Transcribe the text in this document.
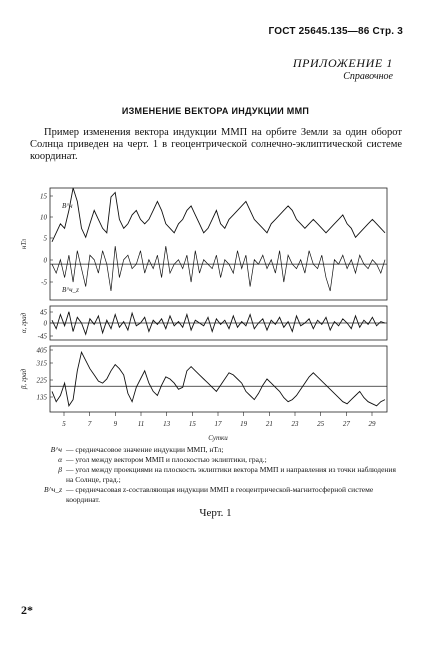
ГОСТ 25645.135—86 Стр. 3
ПРИЛОЖЕНИЕ 1
Справочное
ИЗМЕНЕНИЕ ВЕКТОРА ИНДУКЦИИ ММП
Пример изменения вектора индукции ММП на орбите Земли за один оборот Солнца приведен на черт. 1 в геоцентрической солнечно-эклиптической системе координат.
15
10
5
0
-5
нТл
45
0
-45
α, град
405
315
225
135
β, град
B^ч
B^ч_z
5	7	9	11	13	15	17	19	21	23	25	27	29
Сутки
B^ч — среднечасовое значение индукции ММП, нТл;
α — угол между вектором ММП и плоскостью эклиптики, град.;
β — угол между проекциями на плоскость эклиптики вектора ММП и направления из точки наблюдения на Солнце, град.;
B^ч_z — среднечасовая z-составляющая индукции ММП в геоцентрической-магнитосферной системе координат.
Черт. 1
2*
